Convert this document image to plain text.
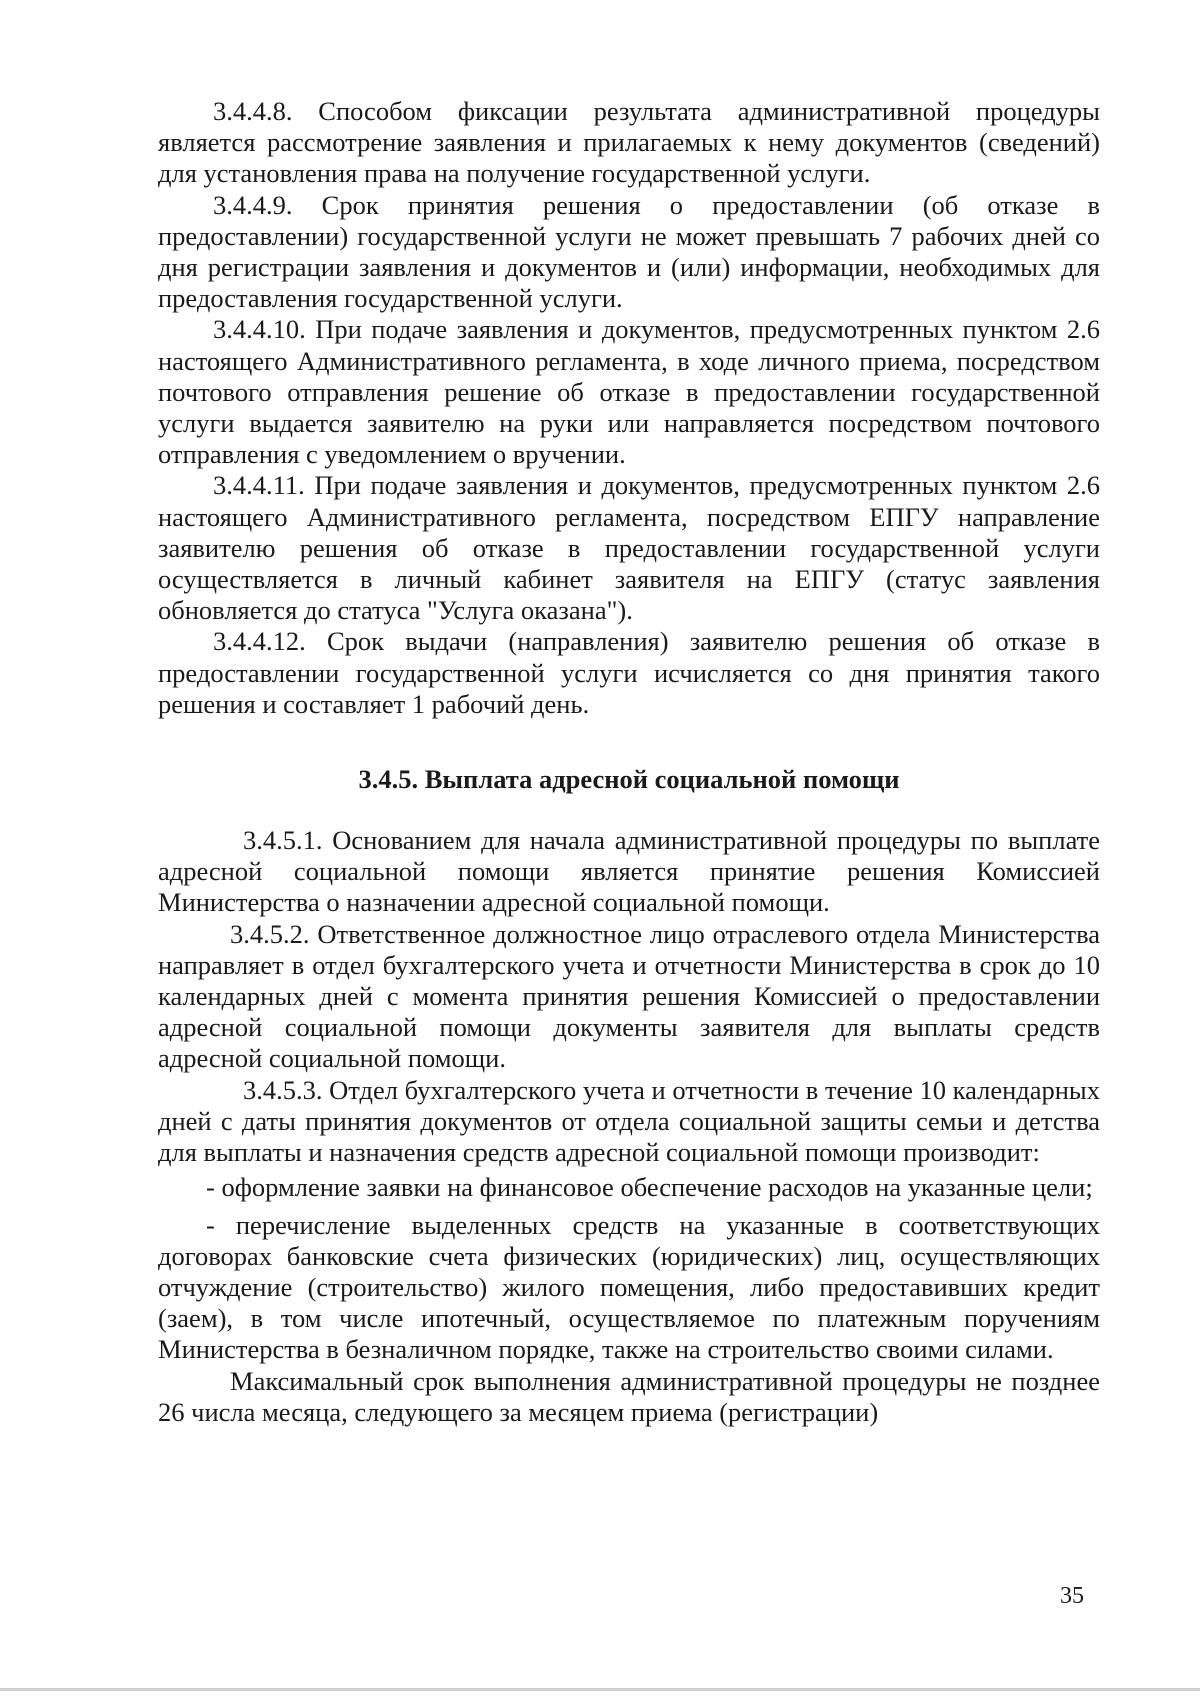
3.4.4.8. Способом фиксации результата административной процедуры является рассмотрение заявления и прилагаемых к нему документов (сведений) для установления права на получение государственной услуги.

3.4.4.9. Срок принятия решения о предоставлении (об отказе в предоставлении) государственной услуги не может превышать 7 рабочих дней со дня регистрации заявления и документов и (или) информации, необходимых для предоставления государственной услуги.

3.4.4.10. При подаче заявления и документов, предусмотренных пунктом 2.6 настоящего Административного регламента, в ходе личного приема, посредством почтового отправления решение об отказе в предоставлении государственной услуги выдается заявителю на руки или направляется посредством почтового отправления с уведомлением о вручении.

3.4.4.11. При подаче заявления и документов, предусмотренных пунктом 2.6 настоящего Административного регламента, посредством ЕПГУ направление заявителю решения об отказе в предоставлении государственной услуги осуществляется в личный кабинет заявителя на ЕПГУ (статус заявления обновляется до статуса "Услуга оказана").

3.4.4.12. Срок выдачи (направления) заявителю решения об отказе в предоставлении государственной услуги исчисляется со дня принятия такого решения и составляет 1 рабочий день.

3.4.5. Выплата адресной социальной помощи

3.4.5.1. Основанием для начала административной процедуры по выплате адресной социальной помощи является принятие решения Комиссией Министерства о назначении адресной социальной помощи.

3.4.5.2. Ответственное должностное лицо отраслевого отдела Министерства направляет в отдел бухгалтерского учета и отчетности Министерства в срок до 10 календарных дней с момента принятия решения Комиссией о предоставлении адресной социальной помощи документы заявителя для выплаты средств адресной социальной помощи.

3.4.5.3. Отдел бухгалтерского учета и отчетности в течение 10 календарных дней с даты принятия документов от отдела социальной защиты семьи и детства для выплаты и назначения средств адресной социальной помощи производит:

- оформление заявки на финансовое обеспечение расходов на указанные цели;

- перечисление выделенных средств на указанные в соответствующих договорах банковские счета физических (юридических) лиц, осуществляющих отчуждение (строительство) жилого помещения, либо предоставивших кредит (заем), в том числе ипотечный, осуществляемое по платежным поручениям Министерства в безналичном порядке, также на строительство своими силами.

Максимальный срок выполнения административной процедуры не позднее 26 числа месяца, следующего за месяцем приема (регистрации)

35
